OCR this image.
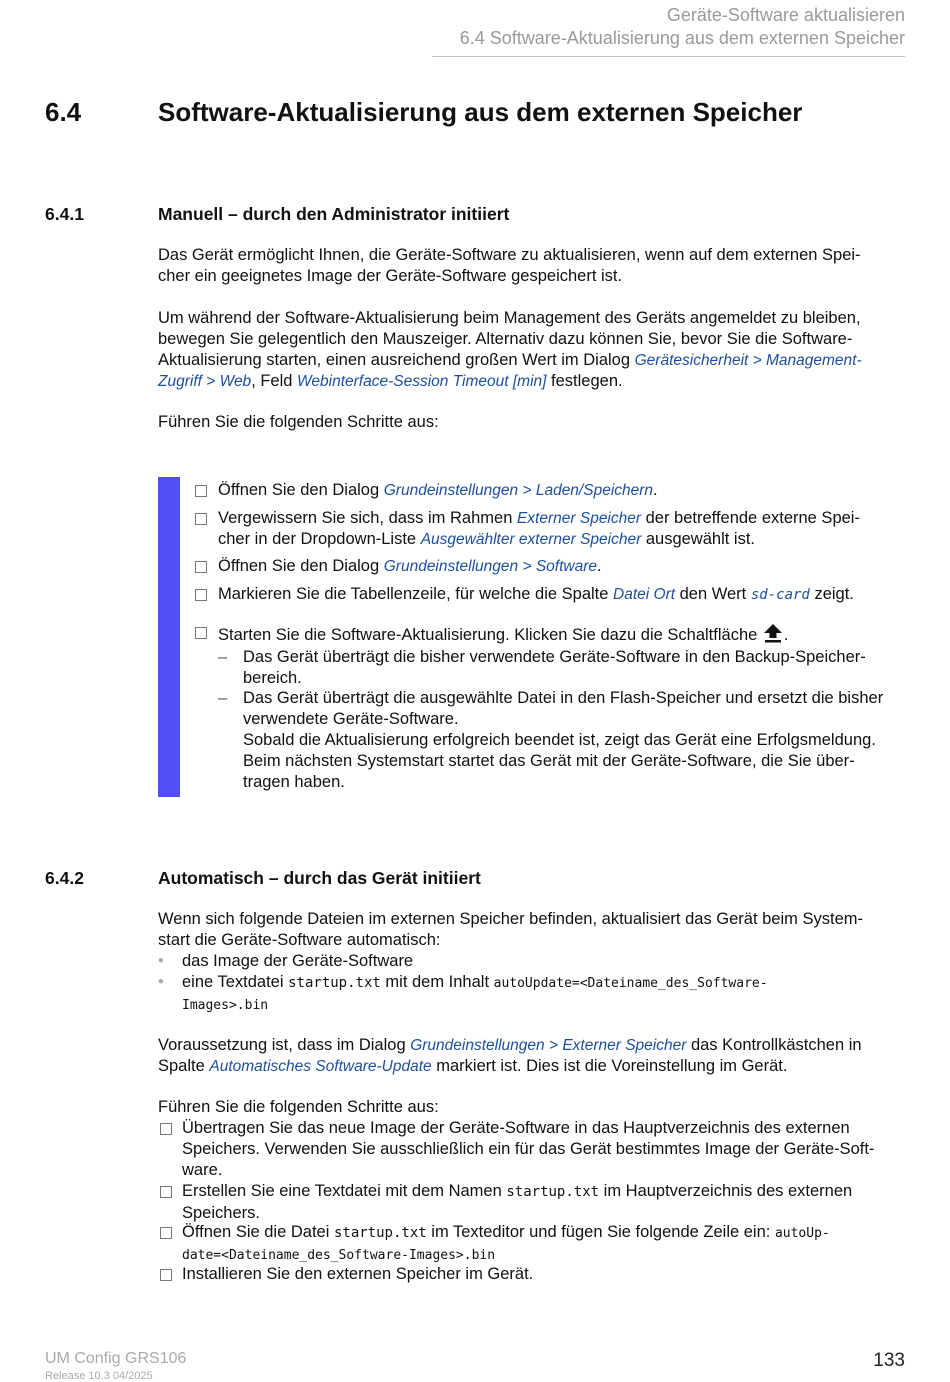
Geräte-Software aktualisieren
6.4 Software-Aktualisierung aus dem externen Speicher
6.4	Software-Aktualisierung aus dem externen Speicher
6.4.1	Manuell – durch den Administrator initiiert
Das Gerät ermöglicht Ihnen, die Geräte-Software zu aktualisieren, wenn auf dem externen Spei-
cher ein geeignetes Image der Geräte-Software gespeichert ist.
Um während der Software-Aktualisierung beim Management des Geräts angemeldet zu bleiben,
bewegen Sie gelegentlich den Mauszeiger. Alternativ dazu können Sie, bevor Sie die Software-
Aktualisierung starten, einen ausreichend großen Wert im Dialog Gerätesicherheit > Management-
Zugriff > Web, Feld Webinterface-Session Timeout [min] festlegen.
Führen Sie die folgenden Schritte aus:
Öffnen Sie den Dialog Grundeinstellungen > Laden/Speichern.
Vergewissern Sie sich, dass im Rahmen Externer Speicher der betreffende externe Spei-
cher in der Dropdown-Liste Ausgewählter externer Speicher ausgewählt ist.
Öffnen Sie den Dialog Grundeinstellungen > Software.
Markieren Sie die Tabellenzeile, für welche die Spalte Datei Ort den Wert sd-card zeigt.
Starten Sie die Software-Aktualisierung. Klicken Sie dazu die Schaltfläche .
– Das Gerät überträgt die bisher verwendete Geräte-Software in den Backup-Speicher-
bereich.
– Das Gerät überträgt die ausgewählte Datei in den Flash-Speicher und ersetzt die bisher
verwendete Geräte-Software.
Sobald die Aktualisierung erfolgreich beendet ist, zeigt das Gerät eine Erfolgsmeldung.
Beim nächsten Systemstart startet das Gerät mit der Geräte-Software, die Sie über-
tragen haben.
6.4.2	Automatisch – durch das Gerät initiiert
Wenn sich folgende Dateien im externen Speicher befinden, aktualisiert das Gerät beim System-
start die Geräte-Software automatisch:
• das Image der Geräte-Software
• eine Textdatei startup.txt mit dem Inhalt autoUpdate=<Dateiname_des_Software-
Images>.bin
Voraussetzung ist, dass im Dialog Grundeinstellungen > Externer Speicher das Kontrollkästchen in
Spalte Automatisches Software-Update markiert ist. Dies ist die Voreinstellung im Gerät.
Führen Sie die folgenden Schritte aus:
Übertragen Sie das neue Image der Geräte-Software in das Hauptverzeichnis des externen
Speichers. Verwenden Sie ausschließlich ein für das Gerät bestimmtes Image der Geräte-Soft-
ware.
Erstellen Sie eine Textdatei mit dem Namen startup.txt im Hauptverzeichnis des externen
Speichers.
Öffnen Sie die Datei startup.txt im Texteditor und fügen Sie folgende Zeile ein: autoUp-
date=<Dateiname_des_Software-Images>.bin
Installieren Sie den externen Speicher im Gerät.
UM Config GRS106
Release 10.3 04/2025
133
